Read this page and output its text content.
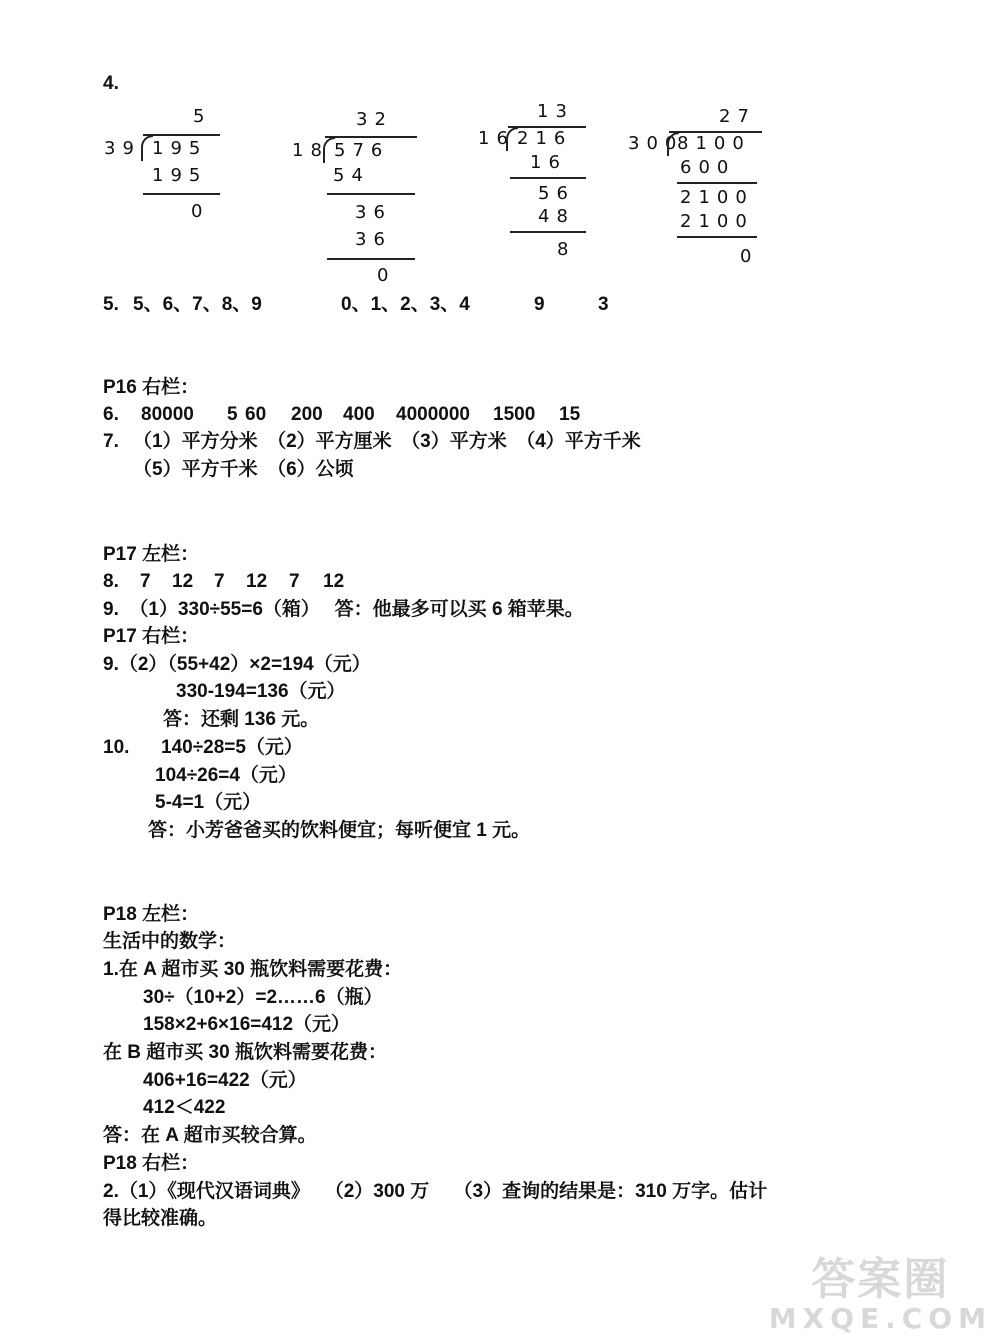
4.
5
39 195
195
0
32
18 576
54
36
36
0
13
16 216
16
56
48
8
27
300
8100
600
2100
2100
0
5. 5、6、7、8、9	0、1、2、3、4	9	3
P16 右栏：
6. 80000 5 60 200 400 4000000 1500 15
7. （1）平方分米　（2）平方厘米　（3）平方米　（4）平方千米
（5）平方千米　（6）公顷
P17 左栏：
8. 7 12 7 12 7 12
9.  （1）330÷55=6（箱）　 答：他最多可以买 6 箱苹果。
P17 右栏：
9.（2）（55+42）×2=194（元）
330-194=136（元）
答：还剩 136 元。
10. 140÷28=5（元）
104÷26=4（元）
5-4=1（元）
答：小芳爸爸买的饮料便宜；每听便宜 1 元。
P18 左栏：
生活中的数学：
1.在 A 超市买 30 瓶饮料需要花费：
30÷（10+2）=2……6（瓶）
158×2+6×16=412（元）
在 B 超市买 30 瓶饮料需要花费：
406+16=422（元）
412＜422
答：在 A 超市买较合算。
P18 右栏：
2.（1）《现代汉语词典》　 （2）300 万　 （3）查询的结果是：310 万字。估计
得比较准确。
答案圈
MXQE.COM
